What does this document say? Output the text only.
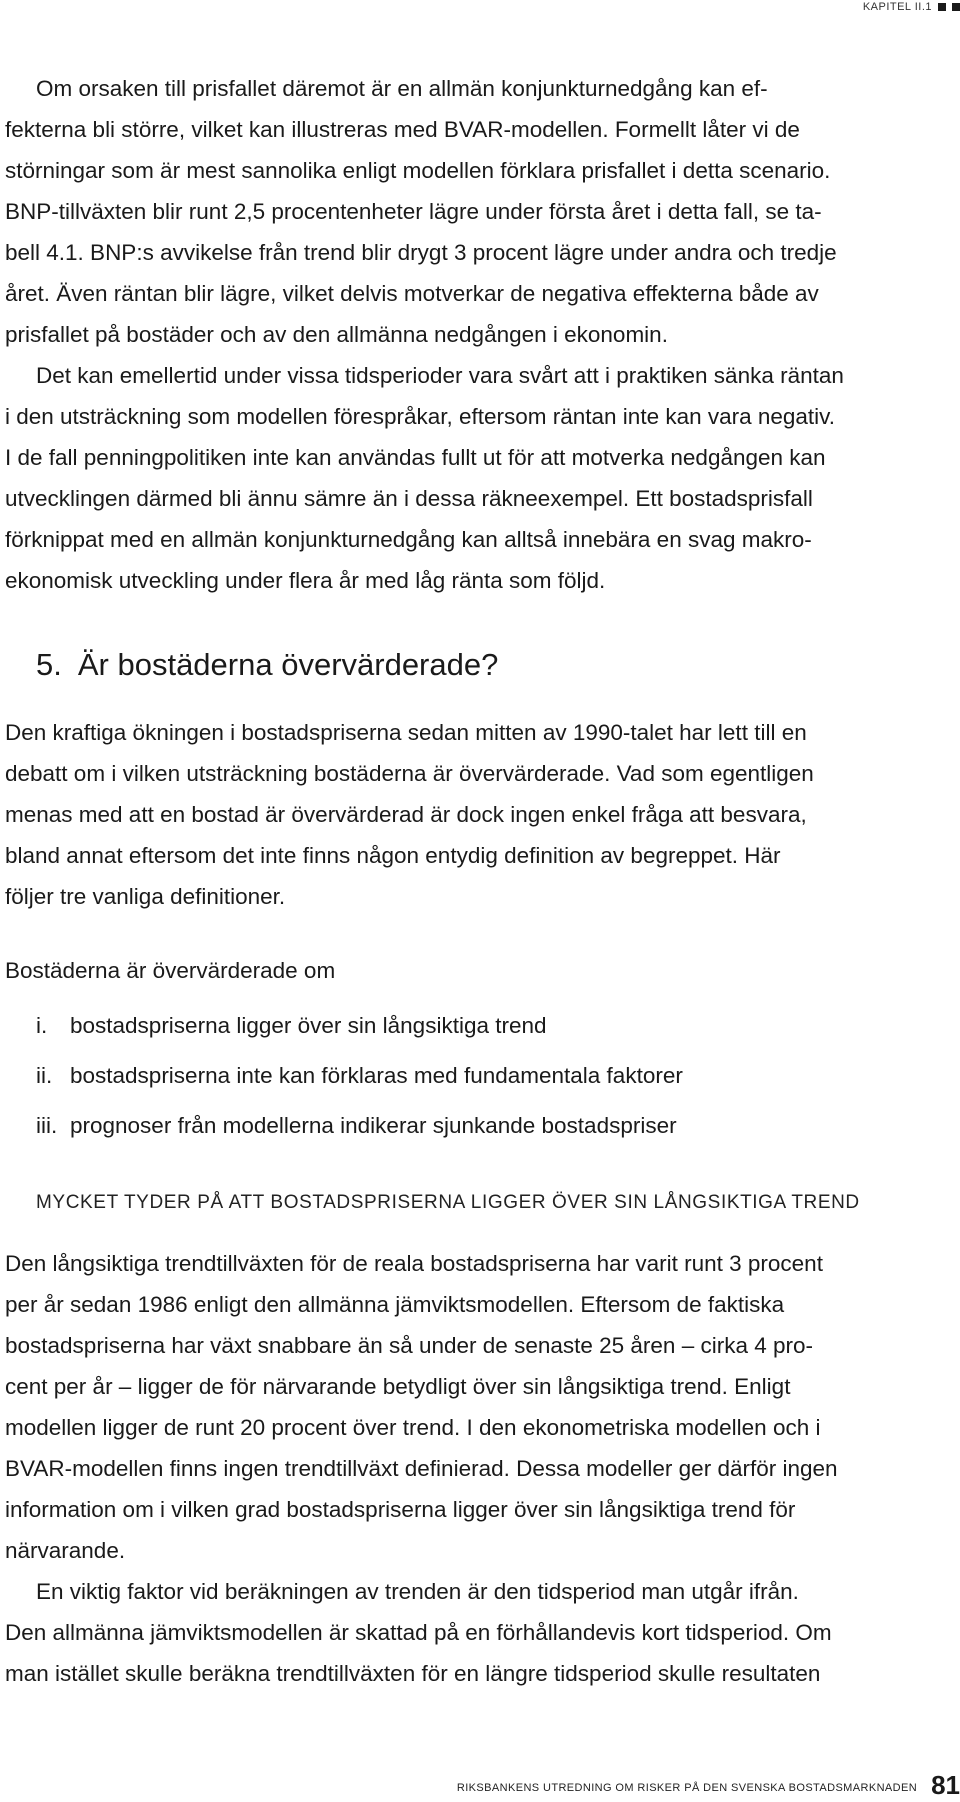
KAPITEL II.1
Om orsaken till prisfallet däremot är en allmän konjunkturnedgång kan ef-
fekterna bli större, vilket kan illustreras med BVAR-modellen. Formellt låter vi de
störningar som är mest sannolika enligt modellen förklara prisfallet i detta scenario.
BNP-tillväxten blir runt 2,5 procentenheter lägre under första året i detta fall, se ta-
bell 4.1. BNP:s avvikelse från trend blir drygt 3 procent lägre under andra och tredje
året. Även räntan blir lägre, vilket delvis motverkar de negativa effekterna både av
prisfallet på bostäder och av den allmänna nedgången i ekonomin.
Det kan emellertid under vissa tidsperioder vara svårt att i praktiken sänka räntan
i den utsträckning som modellen förespråkar, eftersom räntan inte kan vara negativ.
I de fall penningpolitiken inte kan användas fullt ut för att motverka nedgången kan
utvecklingen därmed bli ännu sämre än i dessa räkneexempel. Ett bostadsprisfall
förknippat med en allmän konjunkturnedgång kan alltså innebära en svag makro-
ekonomisk utveckling under flera år med låg ränta som följd.
5. Är bostäderna övervärderade?
Den kraftiga ökningen i bostadspriserna sedan mitten av 1990-talet har lett till en
debatt om i vilken utsträckning bostäderna är övervärderade. Vad som egentligen
menas med att en bostad är övervärderad är dock ingen enkel fråga att besvara,
bland annat eftersom det inte finns någon entydig definition av begreppet. Här
följer tre vanliga definitioner.
Bostäderna är övervärderade om
i. bostadspriserna ligger över sin långsiktiga trend
ii. bostadspriserna inte kan förklaras med fundamentala faktorer
iii. prognoser från modellerna indikerar sjunkande bostadspriser
MYCKET TYDER PÅ ATT BOSTADSPRISERNA LIGGER ÖVER SIN LÅNGSIKTIGA TREND
Den långsiktiga trendtillväxten för de reala bostadspriserna har varit runt 3 procent
per år sedan 1986 enligt den allmänna jämviktsmodellen. Eftersom de faktiska
bostadspriserna har växt snabbare än så under de senaste 25 åren – cirka 4 pro-
cent per år – ligger de för närvarande betydligt över sin långsiktiga trend. Enligt
modellen ligger de runt 20 procent över trend. I den ekonometriska modellen och i
BVAR-modellen finns ingen trendtillväxt definierad. Dessa modeller ger därför ingen
information om i vilken grad bostadspriserna ligger över sin långsiktiga trend för
närvarande.
En viktig faktor vid beräkningen av trenden är den tidsperiod man utgår ifrån.
Den allmänna jämviktsmodellen är skattad på en förhållandevis kort tidsperiod. Om
man istället skulle beräkna trendtillväxten för en längre tidsperiod skulle resultaten
RIKSBANKENS UTREDNING OM RISKER PÅ DEN SVENSKA BOSTADSMARKNADEN 81
